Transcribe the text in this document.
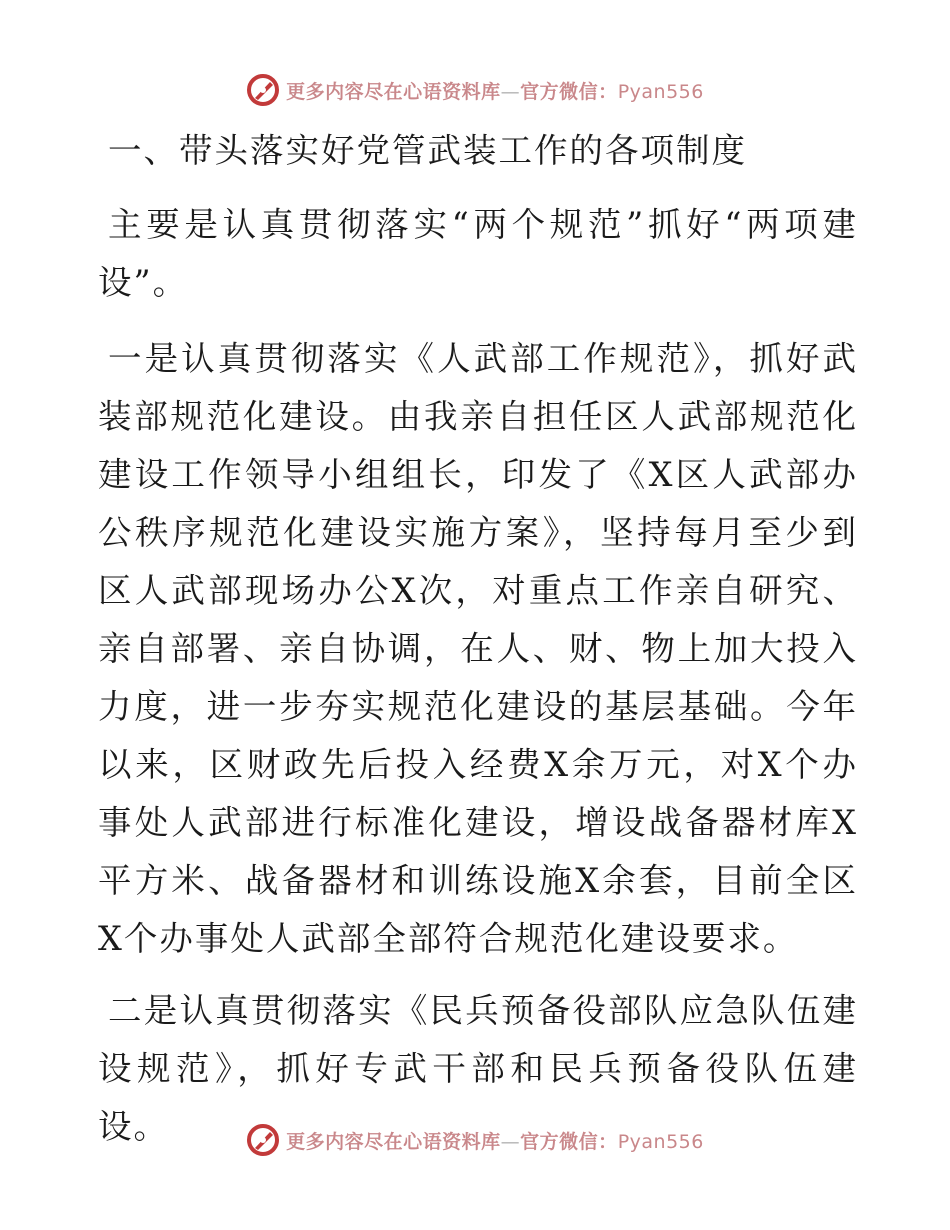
更多内容尽在心语资料库—官方微信：Pyan556

一、带头落实好党管武装工作的各项制度

主要是认真贯彻落实“两个规范”抓好“两项建设”。

一是认真贯彻落实《人武部工作规范》，抓好武装部规范化建设。由我亲自担任区人武部规范化建设工作领导小组组长，印发了《X区人武部办公秩序规范化建设实施方案》，坚持每月至少到区人武部现场办公X次，对重点工作亲自研究、亲自部署、亲自协调，在人、财、物上加大投入力度，进一步夯实规范化建设的基层基础。今年以来，区财政先后投入经费X余万元，对X个办事处人武部进行标准化建设，增设战备器材库X平方米、战备器材和训练设施X余套，目前全区X个办事处人武部全部符合规范化建设要求。

二是认真贯彻落实《民兵预备役部队应急队伍建设规范》，抓好专武干部和民兵预备役队伍建设。	更多内容尽在心语资料库—官方微信：Pyan556
